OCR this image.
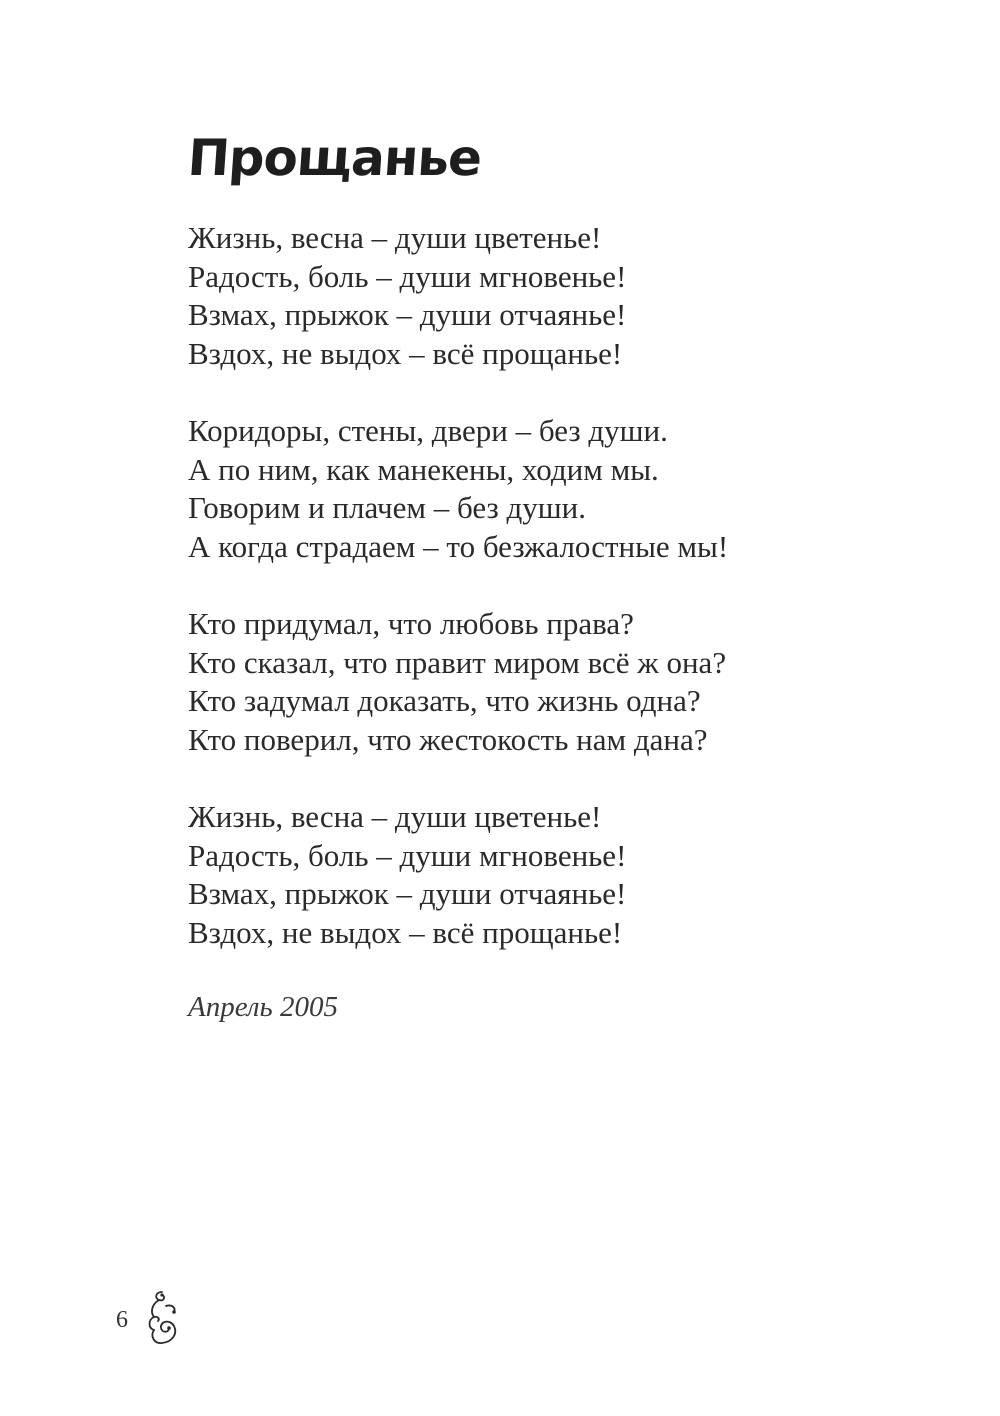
Прощанье
Жизнь, весна – души цветенье!
Радость, боль – души мгновенье!
Взмах, прыжок – души отчаянье!
Вздох, не выдох – всё прощанье!
Коридоры, стены, двери – без души.
А по ним, как манекены, ходим мы.
Говорим и плачем – без души.
А когда страдаем – то безжалостные мы!
Кто придумал, что любовь права?
Кто сказал, что правит миром всё ж она?
Кто задумал доказать, что жизнь одна?
Кто поверил, что жестокость нам дана?
Жизнь, весна – души цветенье!
Радость, боль – души мгновенье!
Взмах, прыжок – души отчаянье!
Вздох, не выдох – всё прощанье!
Апрель 2005
6
